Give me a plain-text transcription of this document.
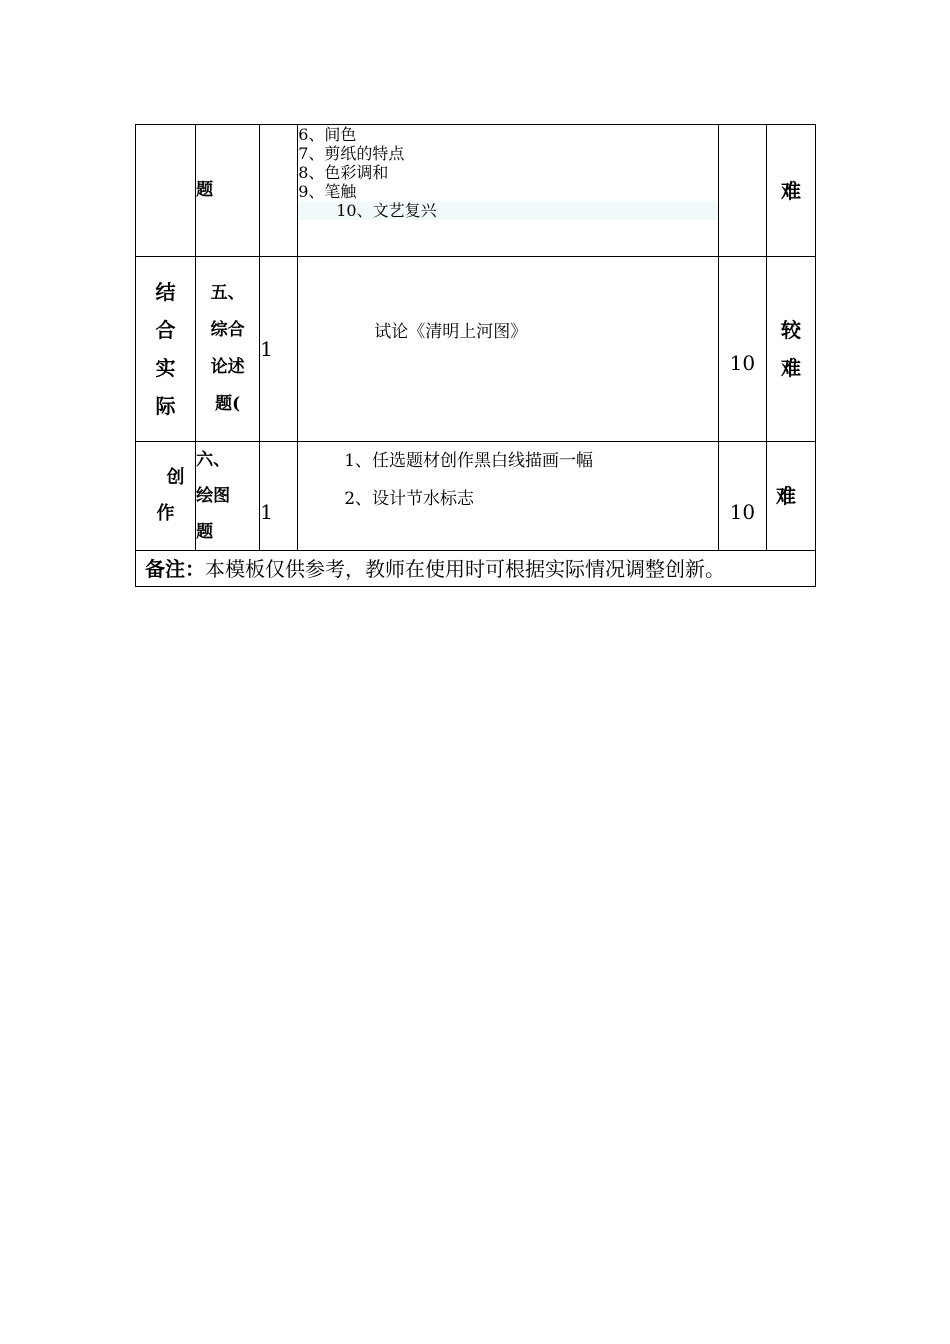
	题		6、间色
7、剪纸的特点
8、色彩调和
9、笔触
10、文艺复兴		难

结
合
实
际	五、
综合
论述
题(	1	试论《清明上河图》	10	较
难

创
作	六、
绘图
题	1	1、任选题材创作黑白线描画一幅
2、设计节水标志	10	难

备注：本模板仅供参考，教师在使用时可根据实际情况调整创新。					
